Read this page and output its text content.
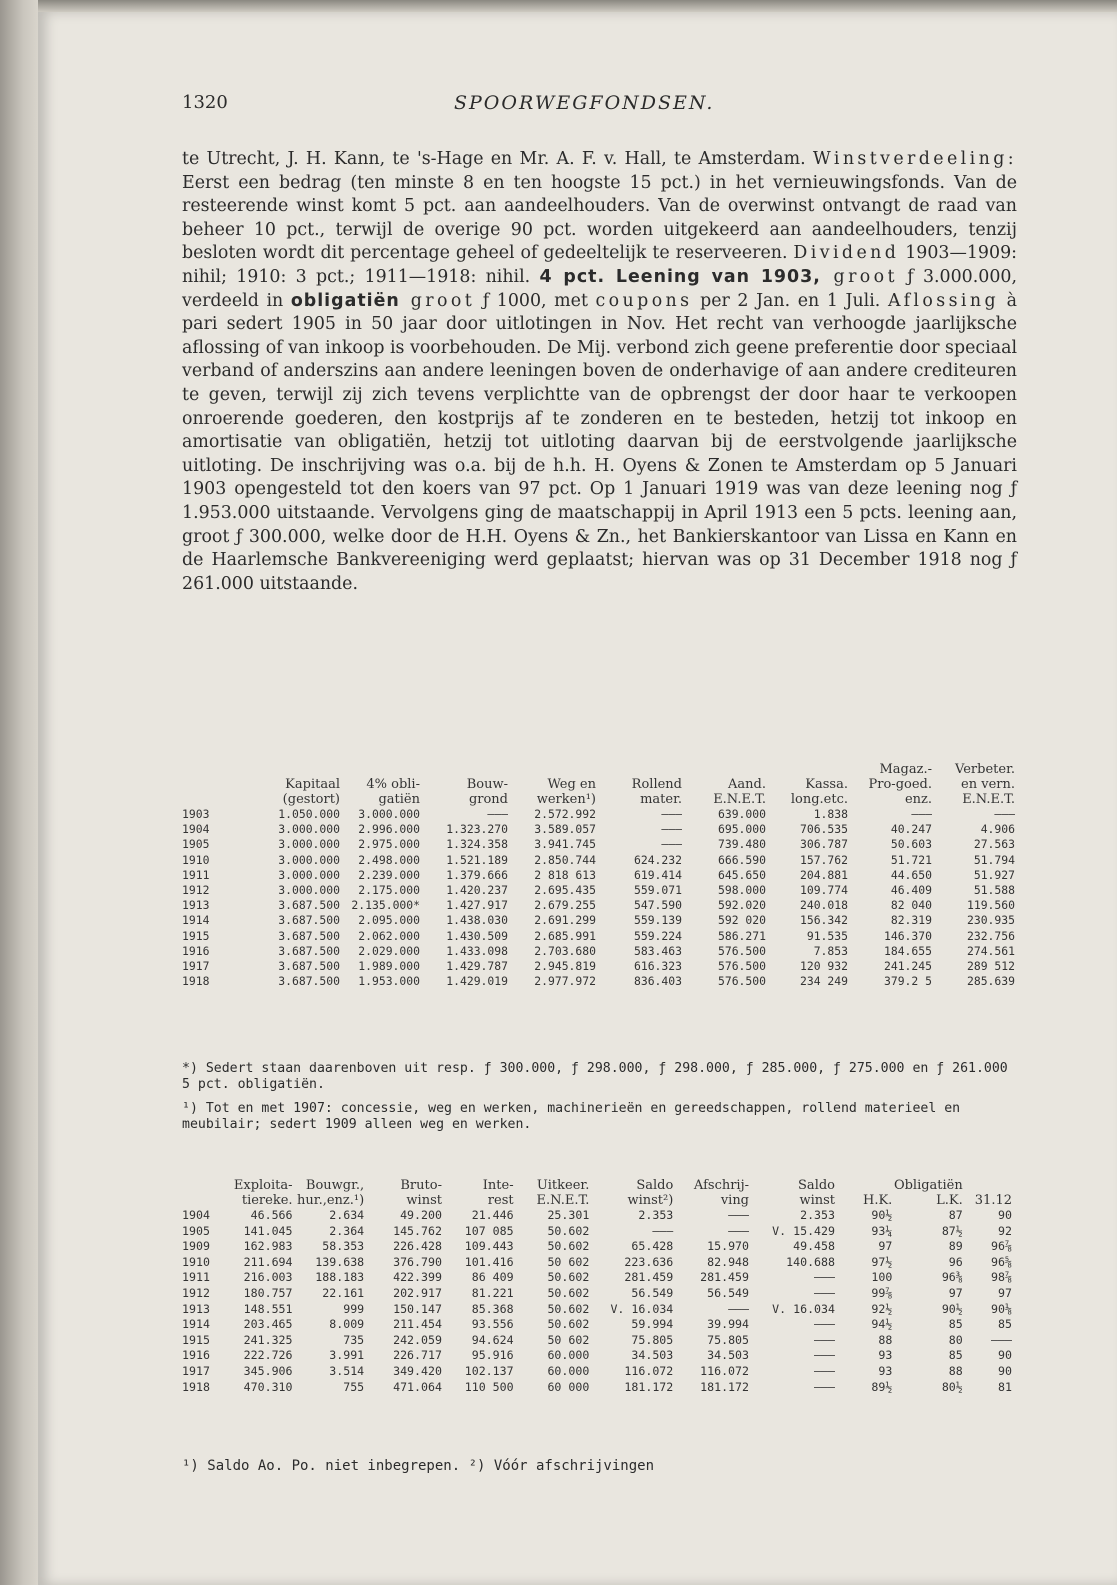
1320	SPOORWEGFONDSEN.
te Utrecht, J. H. Kann, te 's-Hage en Mr. A. F. v. Hall, te Amsterdam. Winstverdeeling: Eerst een bedrag (ten minste 8 en ten hoogste 15 pct.) in het vernieuwingsfonds. Van de resteerende winst komt 5 pct. aan aandeelhouders. Van de overwinst ontvangt de raad van beheer 10 pct., terwijl de overige 90 pct. worden uitgekeerd aan aandeelhouders, tenzij besloten wordt dit percentage geheel of gedeeltelijk te reserveeren. Dividend 1903—1909: nihil; 1910: 3 pct.; 1911—1918: nihil. 4 pct. Leening van 1903, groot ƒ 3.000.000, verdeeld in obligatiën groot ƒ 1000, met coupons per 2 Jan. en 1 Juli. Aflossing à pari sedert 1905 in 50 jaar door uitlotingen in Nov. Het recht van verhoogde jaarlijksche aflossing of van inkoop is voorbehouden. De Mij. verbond zich geene preferentie door speciaal verband of anderszins aan andere leeningen boven de onderhavige of aan andere crediteuren te geven, terwijl zij zich tevens verplichtte van de opbrengst der door haar te verkoopen onroerende goederen, den kostprijs af te zonderen en te besteden, hetzij tot inkoop en amortisatie van obligatiën, hetzij tot uitloting daarvan bij de eerstvolgende jaarlijksche uitloting. De inschrijving was o.a. bij de h.h. H. Oyens & Zonen te Amsterdam op 5 Januari 1903 opengesteld tot den koers van 97 pct. Op 1 Januari 1919 was van deze leening nog ƒ 1.953.000 uitstaande. Vervolgens ging de maatschappij in April 1913 een 5 pcts. leening aan, groot ƒ 300.000, welke door de H.H. Oyens & Zn., het Bankierskantoor van Lissa en Kann en de Haarlemsche Bankvereeniging werd geplaatst; hiervan was op 31 December 1918 nog ƒ 261.000 uitstaande.
								Magaz.-	Verbeter.
	Kapitaal	4% obli-	Bouw-	Weg en	Rollend	Aand.	Kassa.	Pro-goed.	en vern.
	(gestort)	gatiën	grond	werken¹)	mater.	E.N.E.T.	long.etc.	enz.	E.N.E.T.
1903	1.050.000	3.000.000	———	2.572.992	———	639.000	1.838	———	———
1904	3.000.000	2.996.000	1.323.270	3.589.057	———	695.000	706.535	40.247	4.906
1905	3.000.000	2.975.000	1.324.358	3.941.745	———	739.480	306.787	50.603	27.563
1910	3.000.000	2.498.000	1.521.189	2.850.744	624.232	666.590	157.762	51.721	51.794
1911	3.000.000	2.239.000	1.379.666	2 818 613	619.414	645.650	204.881	44.650	51.927
1912	3.000.000	2.175.000	1.420.237	2.695.435	559.071	598.000	109.774	46.409	51.588
1913	3.687.500	2.135.000*	1.427.917	2.679.255	547.590	592.020	240.018	82 040	119.560
1914	3.687.500	2.095.000	1.438.030	2.691.299	559.139	592 020	156.342	82.319	230.935
1915	3.687.500	2.062.000	1.430.509	2.685.991	559.224	586.271	91.535	146.370	232.756
1916	3.687.500	2.029.000	1.433.098	2.703.680	583.463	576.500	7.853	184.655	274.561
1917	3.687.500	1.989.000	1.429.787	2.945.819	616.323	576.500	120 932	241.245	289 512
1918	3.687.500	1.953.000	1.429.019	2.977.972	836.403	576.500	234 249	379.2 5	285.639
*) Sedert staan daarenboven uit resp. ƒ 300.000, ƒ 298.000, ƒ 298.000, ƒ 285.000, ƒ 275.000 en ƒ 261.000 5 pct. obligatiën.
¹) Tot en met 1907: concessie, weg en werken, machinerieën en gereedschappen, rollend materieel en meubilair; sedert 1909 alleen weg en werken.
	Exploita-	Bouwgr.,	Bruto-	Inte-	Uitkeer.	Saldo	Afschrij-	Saldo		Obligatiën	
	tiereke.	hur.,enz.¹)	winst	rest	E.N.E.T.	winst²)	ving	winst	H.K.	L.K.	31.12
1904	46.566	2.634	49.200	21.446	25.301	2.353	———	2.353	90½	87	90
1905	141.045	2.364	145.762	107 085	50.602	———	———	V. 15.429	93¼	87½	92
1909	162.983	58.353	226.428	109.443	50.602	65.428	15.970	49.458	97	89	96⅞
1910	211.694	139.638	376.790	101.416	50 602	223.636	82.948	140.688	97½	96	96⅝
1911	216.003	188.183	422.399	86 409	50.602	281.459	281.459	———	100	96⅜	98⅞
1912	180.757	22.161	202.917	81.221	50.602	56.549	56.549	———	99⅞	97	97
1913	148.551	999	150.147	85.368	50.602	V. 16.034	———	V. 16.034	92½	90½	90⅛
1914	203.465	8.009	211.454	93.556	50.602	59.994	39.994	———	94½	85	85
1915	241.325	735	242.059	94.624	50 602	75.805	75.805	———	88	80	———
1916	222.726	3.991	226.717	95.916	60.000	34.503	34.503	———	93	85	90
1917	345.906	3.514	349.420	102.137	60.000	116.072	116.072	———	93	88	90
1918	470.310	755	471.064	110 500	60 000	181.172	181.172	———	89½	80½	81
¹) Saldo Ao. Po. niet inbegrepen. ²) Vóór afschrijvingen
